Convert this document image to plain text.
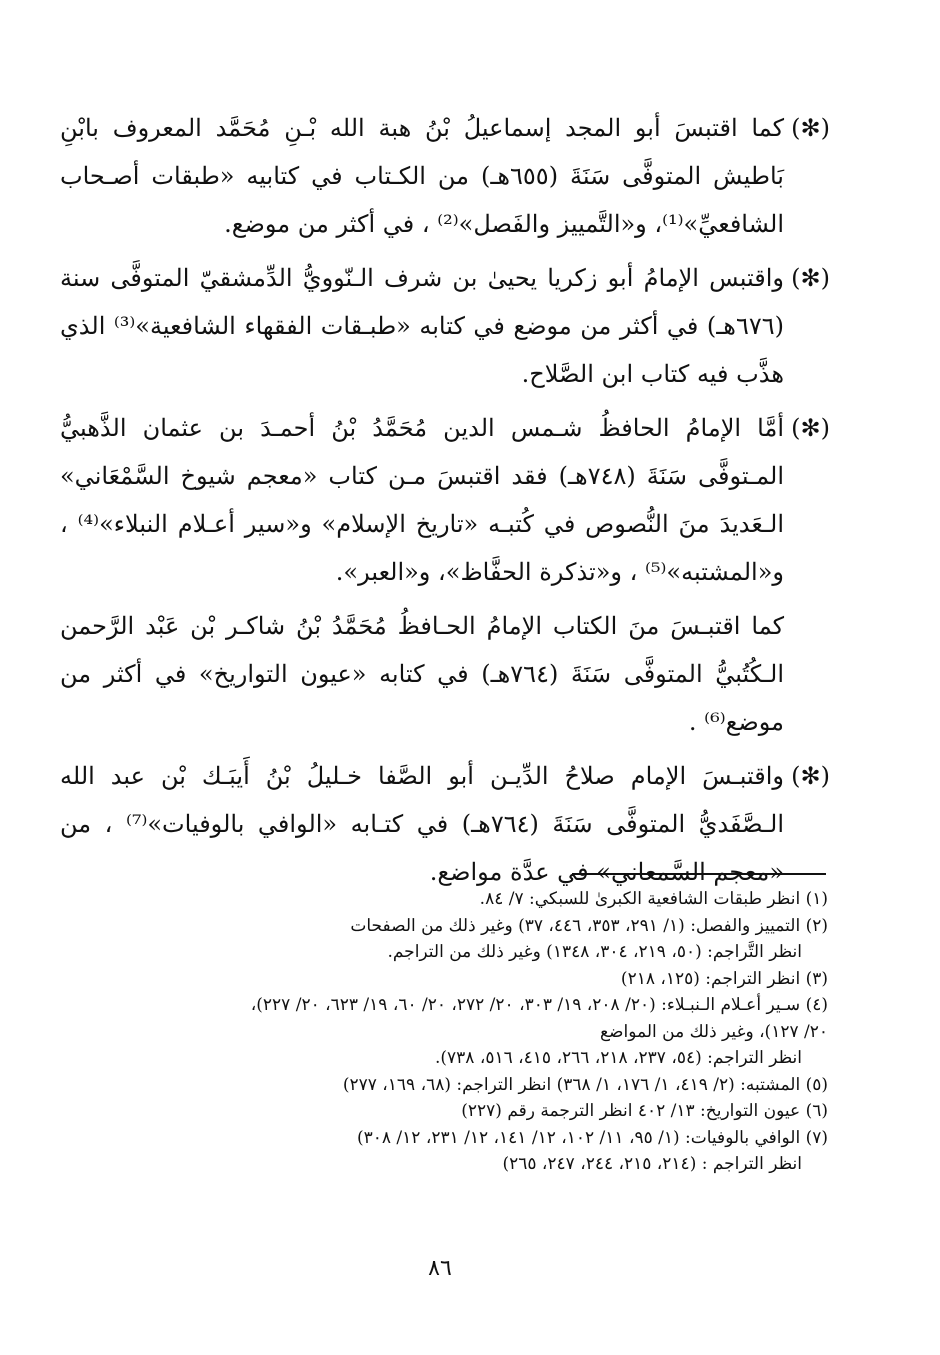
(✻)
كما اقتبسَ أبو المجد إسماعيلُ بْنُ هبة الله بْـنِ مُحَمَّد المعروف بابْنِ بَاطيش المتوفَّى سَنَةَ (٦٥٥هـ) من الكـتاب في كتابيه «طبقات أصـحاب الشافعيِّ»⁽¹⁾، و«التَّمييز والفَصل»⁽²⁾ ، في أكثر من موضع.

(✻)
واقتبس الإمامُ أبو زكريا يحيىٰ بن شرف الـنّوويُّ الدِّمشقيّ المتوفَّى سنة (٦٧٦هـ) في أكثر من موضع في كتابه «طبـقات الفقهاء الشافعية»⁽³⁾ الذي هذَّب فيه كتاب ابن الصَّلاح.

(✻)
أمَّا الإمامُ الحافظُ شـمس الدين مُحَمَّدُ بْنُ أحمـدَ بن عثمان الذَّهبيُّ المـتوفَّى سَنَةَ (٧٤٨هـ) فقد اقتبسَ مـن كتاب «معجم شيوخ السَّمْعَاني» الـعَديدَ منَ النُّصوص في كُتبـه «تاريخ الإسلام» و«سير أعـلام النبلاء»⁽⁴⁾ ، و«المشتبه»⁽⁵⁾ ، و«تذكرة الحفَّاظ»، و«العبر».

كما اقتبـسَ منَ الكتاب الإمامُ الحـافظُ مُحَمَّدُ بْنُ شاكـر بْن عَبْد الرَّحمن الـكُتُبيُّ المتوفَّى سَنَةَ (٧٦٤هـ) في كتابه «عيون التواريخ» في أكثر من موضع⁽⁶⁾ .

(✻)
واقتبـسَ الإمام صلاحُ الدِّيـن أبو الصَّفا خـليلُ بْنُ أَيبَـك بْن عبد الله الـصَّفَديُّ المتوفَّى سَنَةَ (٧٦٤هـ) في كتـابه «الوافي بالوفيات»⁽⁷⁾ ، من «معجم السَّمعاني» في عدَّة مواضع.

(١) انظر طبقات الشافعية الكبرىٰ للسبكي: ٧/ ٨٤.

(٢) التمييز والفصل: (١/ ٢٩١، ٣٥٣، ٤٤٦، ٣٧) وغير ذلك من الصفحات

انظر التَّراجم: (٥٠، ٢١٩، ٣٠٤، ١٣٤٨) وغير ذلك من التراجم.

(٣) انظر التراجم: (١٢٥، ٢١٨)

(٤) سـير أعـلام الـنبـلاء: (٢٠/ ٢٠٨، ١٩/ ٣٠٣، ٢٠/ ٢٧٢، ٢٠/ ٦٠، ١٩/ ٦٢٣، ٢٠/ ٢٢٧)، ٢٠/ ١٢٧)، وغير ذلك من المواضع

انظر التراجم: (٥٤، ٢٣٧، ٢١٨، ٢٦٦، ٤١٥، ٥١٦، ٧٣٨).

(٥) المشتبه: (٢/ ٤١٩، ١/ ١٧٦، ١/ ٣٦٨) انظر التراجم: (٦٨، ١٦٩، ٢٧٧)

(٦) عيون التواريخ: ١٣/ ٤٠٢ انظر الترجمة رقم (٢٢٧)

(٧) الوافي بالوفيات: (١/ ٩٥، ١١/ ١٠٢، ١٢/ ١٤١، ١٢/ ٢٣١، ١٢/ ٣٠٨)

انظر التراجم : (٢١٤، ٢١٥، ٢٤٤، ٢٤٧، ٢٦٥)

٨٦
